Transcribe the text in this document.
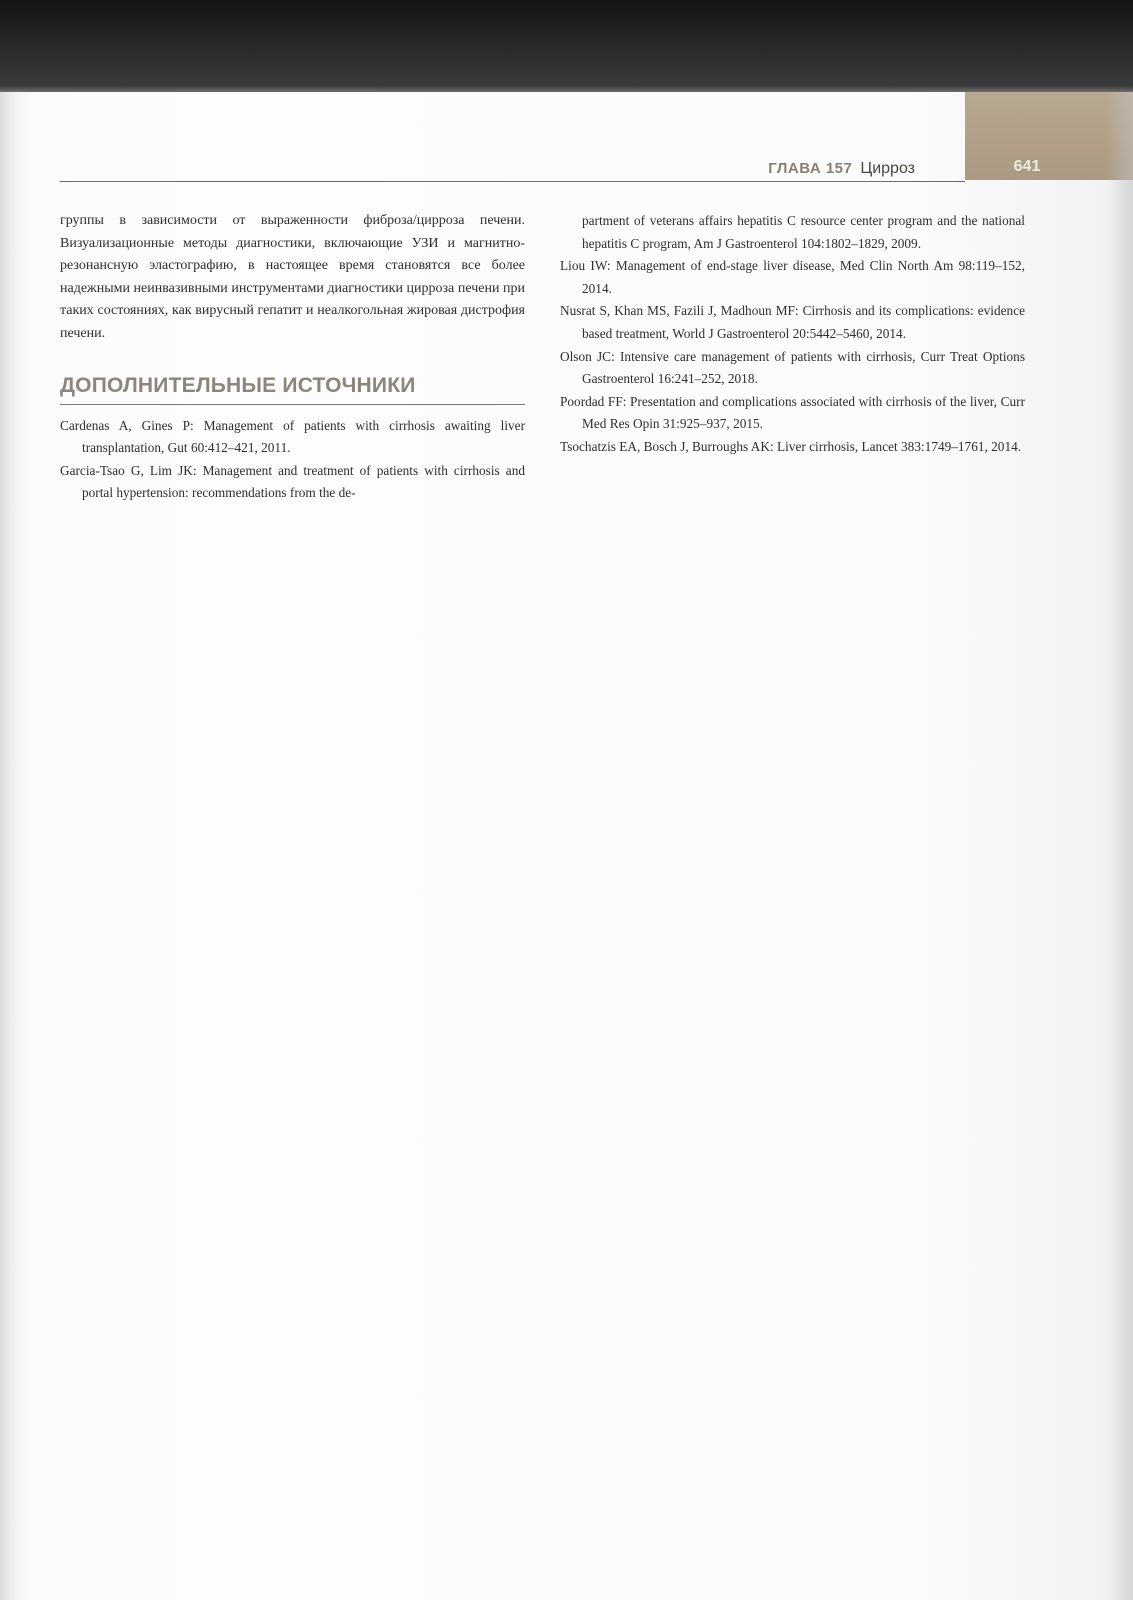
ГЛАВА 157 Цирроз	641

группы в зависимости от выраженности фиброза/цирроза печени. Визуализационные методы диагностики, включающие УЗИ и магнитно-резонансную эластографию, в настоящее время становятся все более надежными неинвазивными инструментами диагностики цирроза печени при таких состояниях, как вирусный гепатит и неалкогольная жировая дистрофия печени.

ДОПОЛНИТЕЛЬНЫЕ ИСТОЧНИКИ
Cardenas A, Gines P: Management of patients with cirrhosis awaiting liver transplantation, Gut 60:412–421, 2011.
Garcia-Tsao G, Lim JK: Management and treatment of patients with cirrhosis and portal hypertension: recommendations from the de-

partment of veterans affairs hepatitis C resource center program and the national hepatitis C program, Am J Gastroenterol 104:1802–1829, 2009.

Liou IW: Management of end-stage liver disease, Med Clin North Am 98:119–152, 2014.
Nusrat S, Khan MS, Fazili J, Madhoun MF: Cirrhosis and its complications: evidence based treatment, World J Gastroenterol 20:5442–5460, 2014.
Olson JC: Intensive care management of patients with cirrhosis, Curr Treat Options Gastroenterol 16:241–252, 2018.
Poordad FF: Presentation and complications associated with cirrhosis of the liver, Curr Med Res Opin 31:925–937, 2015.
Tsochatzis EA, Bosch J, Burroughs AK: Liver cirrhosis, Lancet 383:1749–1761, 2014.
